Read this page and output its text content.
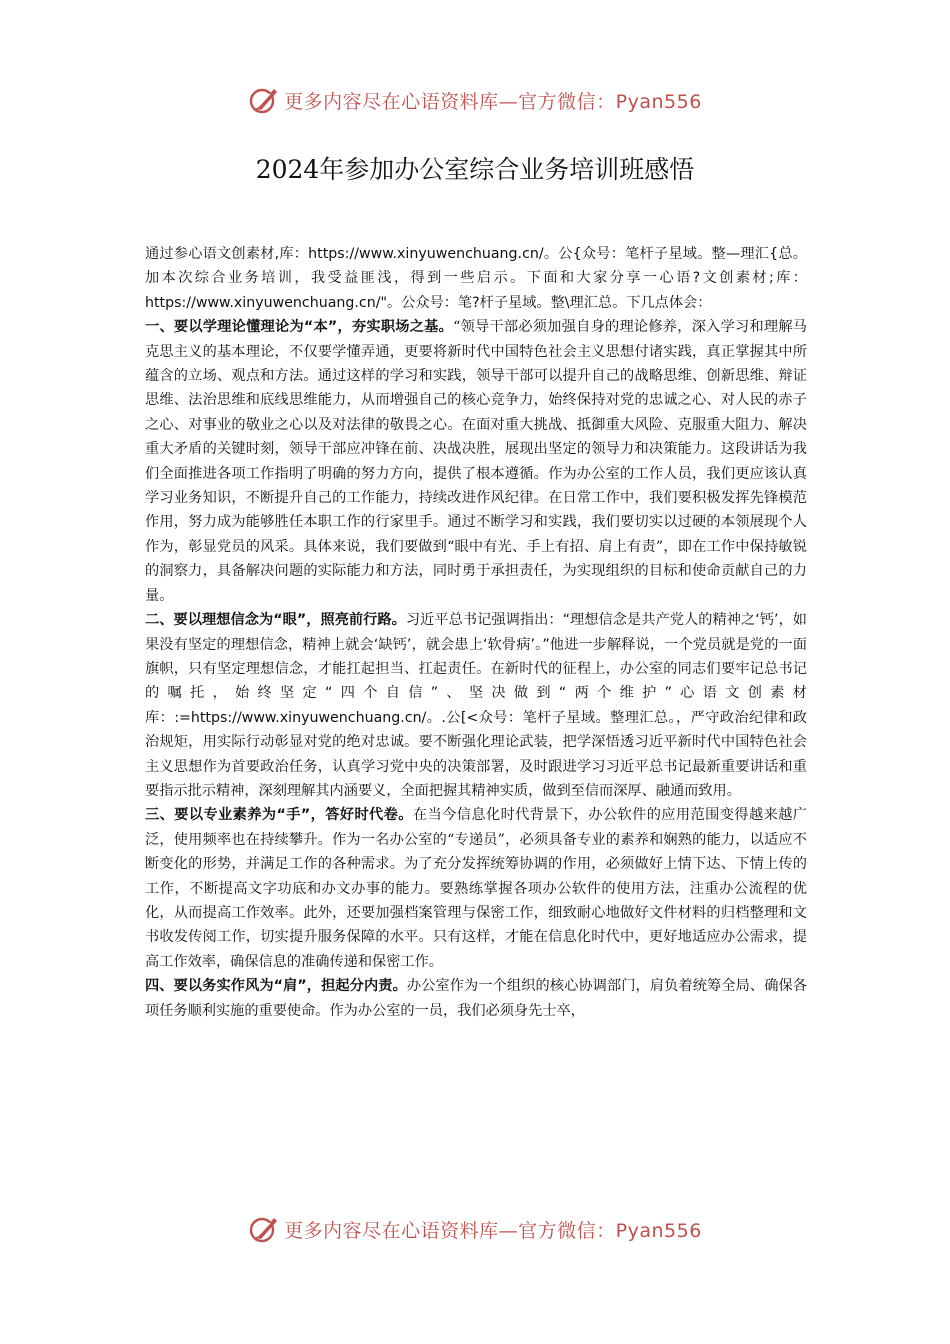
更多内容尽在心语资料库—官方微信：Pyan556
2024年参加办公室综合业务培训班感悟

通过参心语文创素材,库：https://www.xinyuwenchuang.cn/。公{众号：笔杆子星域。整—理汇{总。加本次综合业务培训，我受益匪浅，得到一些启示。下面和大家分享一心语?文创素材;库：https://www.xinyuwenchuang.cn/"。公众号：笔?杆子星域。整\理汇总。下几点体会：

一、要以学理论懂理论为“本”，夯实职场之基。“领导干部必须加强自身的理论修养，深入学习和理解马克思主义的基本理论，不仅要学懂弄通，更要将新时代中国特色社会主义思想付诸实践，真正掌握其中所蕴含的立场、观点和方法。通过这样的学习和实践，领导干部可以提升自己的战略思维、创新思维、辩证思维、法治思维和底线思维能力，从而增强自己的核心竞争力，始终保持对党的忠诚之心、对人民的赤子之心、对事业的敬业之心以及对法律的敬畏之心。在面对重大挑战、抵御重大风险、克服重大阻力、解决重大矛盾的关键时刻，领导干部应冲锋在前、决战决胜，展现出坚定的领导力和决策能力。这段讲话为我们全面推进各项工作指明了明确的努力方向，提供了根本遵循。作为办公室的工作人员，我们更应该认真学习业务知识，不断提升自己的工作能力，持续改进作风纪律。在日常工作中，我们要积极发挥先锋模范作用，努力成为能够胜任本职工作的行家里手。通过不断学习和实践，我们要切实以过硬的本领展现个人作为，彰显党员的风采。具体来说，我们要做到“眼中有光、手上有招、肩上有责”，即在工作中保持敏锐的洞察力，具备解决问题的实际能力和方法，同时勇于承担责任，为实现组织的目标和使命贡献自己的力量。

二、要以理想信念为“眼”，照亮前行路。习近平总书记强调指出：“理想信念是共产党人的精神之‘钙’，如果没有坚定的理想信念，精神上就会‘缺钙’，就会患上‘软骨病’。”他进一步解释说，一个党员就是党的一面旗帜，只有坚定理想信念，才能扛起担当、扛起责任。在新时代的征程上，办公室的同志们要牢记总书记的嘱托，始终坚定“四个自信”、坚决做到“两个维护”心语文创素材库：:=https://www.xinyuwenchuang.cn/。.公[<众号：笔杆子星域。整理汇总。，严守政治纪律和政治规矩，用实际行动彰显对党的绝对忠诚。要不断强化理论武装，把学深悟透习近平新时代中国特色社会主义思想作为首要政治任务，认真学习党中央的决策部署，及时跟进学习习近平总书记最新重要讲话和重要指示批示精神，深刻理解其内涵要义，全面把握其精神实质，做到至信而深厚、融通而致用。

三、要以专业素养为“手”，答好时代卷。在当今信息化时代背景下，办公软件的应用范围变得越来越广泛，使用频率也在持续攀升。作为一名办公室的“专递员”，必须具备专业的素养和娴熟的能力，以适应不断变化的形势，并满足工作的各种需求。为了充分发挥统筹协调的作用，必须做好上情下达、下情上传的工作，不断提高文字功底和办文办事的能力。要熟练掌握各项办公软件的使用方法，注重办公流程的优化，从而提高工作效率。此外，还要加强档案管理与保密工作，细致耐心地做好文件材料的归档整理和文书收发传阅工作，切实提升服务保障的水平。只有这样，才能在信息化时代中，更好地适应办公需求，提高工作效率，确保信息的准确传递和保密工作。

四、要以务实作风为“肩”，担起分内责。办公室作为一个组织的核心协调部门，肩负着统筹全局、确保各项任务顺利实施的重要使命。作为办公室的一员，我们必须身先士卒，

更多内容尽在心语资料库—官方微信：Pyan556
